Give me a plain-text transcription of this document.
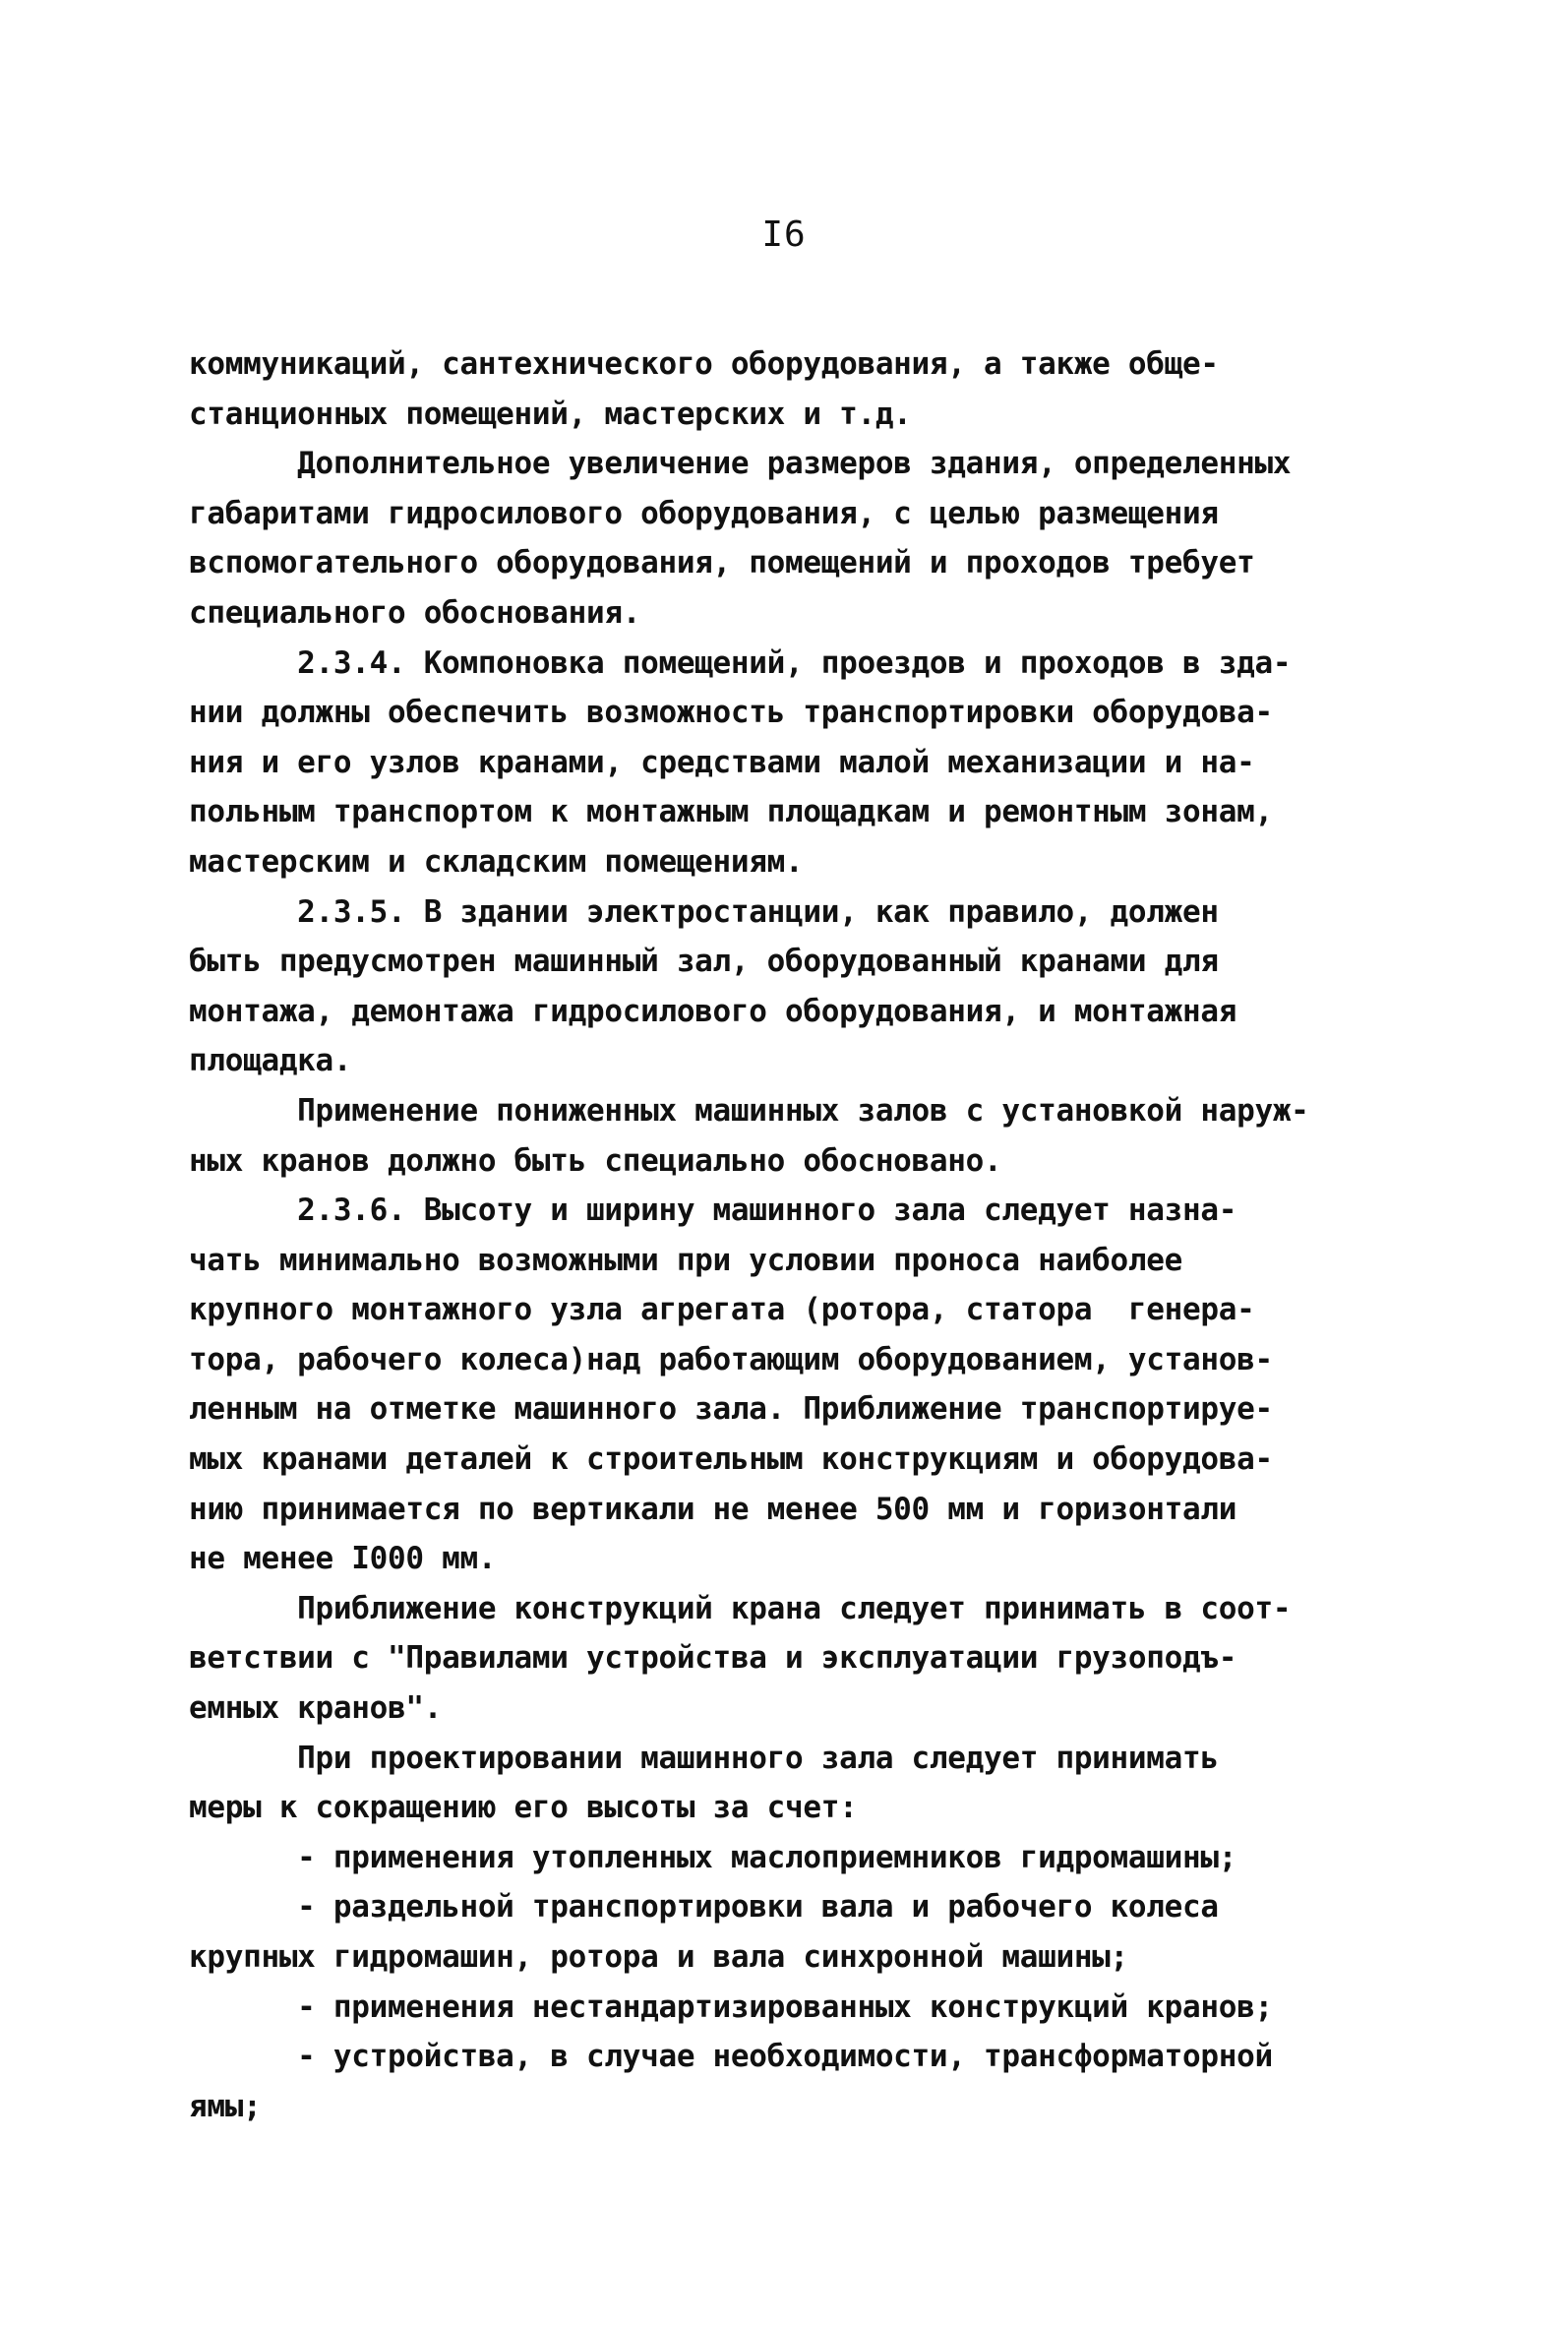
I6
коммуникаций, сантехнического оборудования, а также обще-
станционных помещений, мастерских и т.д.
Дополнительное увеличение размеров здания, определенных
габаритами гидросилового оборудования, с целью размещения
вспомогательного оборудования, помещений и проходов требует
специального обоснования.
2.3.4. Компоновка помещений, проездов и проходов в зда-
нии должны обеспечить возможность транспортировки оборудова-
ния и его узлов кранами, средствами малой механизации и на-
польным транспортом к монтажным площадкам и ремонтным зонам,
мастерским и складским помещениям.
2.3.5. В здании электростанции, как правило, должен
быть предусмотрен машинный зал, оборудованный кранами для
монтажа, демонтажа гидросилового оборудования, и монтажная
площадка.
Применение пониженных машинных залов с установкой наруж-
ных кранов должно быть специально обосновано.
2.3.6. Высоту и ширину машинного зала следует назна-
чать минимально возможными при условии проноса наиболее
крупного монтажного узла агрегата (ротора, статора  генера-
тора, рабочего колеса)над работающим оборудованием, установ-
ленным на отметке машинного зала. Приближение транспортируе-
мых кранами деталей к строительным конструкциям и оборудова-
нию принимается по вертикали не менее 500 мм и горизонтали
не менее I000 мм.
Приближение конструкций крана следует принимать в соот-
ветствии с "Правилами устройства и эксплуатации грузоподъ-
емных кранов".
При проектировании машинного зала следует принимать
меры к сокращению его высоты за счет:
- применения утопленных маслоприемников гидромашины;
- раздельной транспортировки вала и рабочего колеса
крупных гидромашин, ротора и вала синхронной машины;
- применения нестандартизированных конструкций кранов;
- устройства, в случае необходимости, трансформаторной
ямы;
